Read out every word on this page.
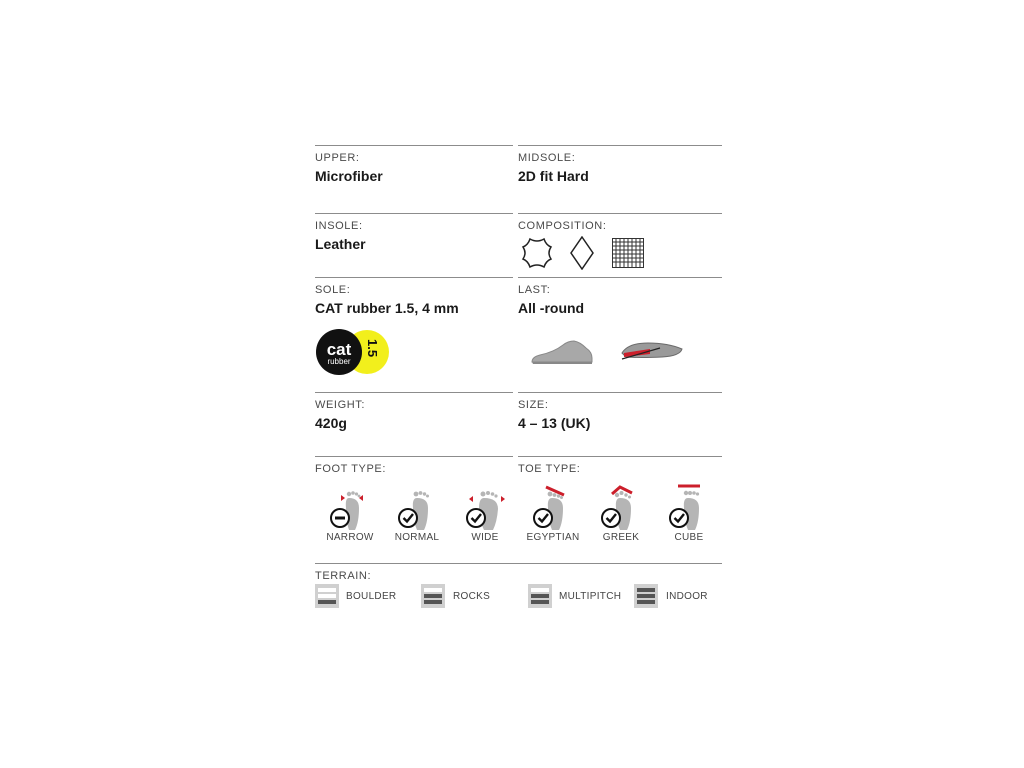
UPPER:
Microfiber
MIDSOLE:
2D fit Hard
INSOLE:
Leather
COMPOSITION:
SOLE:
CAT rubber 1.5, 4 mm
LAST:
All -round
cat
rubber
1.5
WEIGHT:
420g
SIZE:
4 – 13 (UK)
FOOT TYPE:	TOE TYPE:
NARROW	NORMAL	WIDE	EGYPTIAN	GREEK	CUBE
TERRAIN:
BOULDER	ROCKS	MULTIPITCH	INDOOR
